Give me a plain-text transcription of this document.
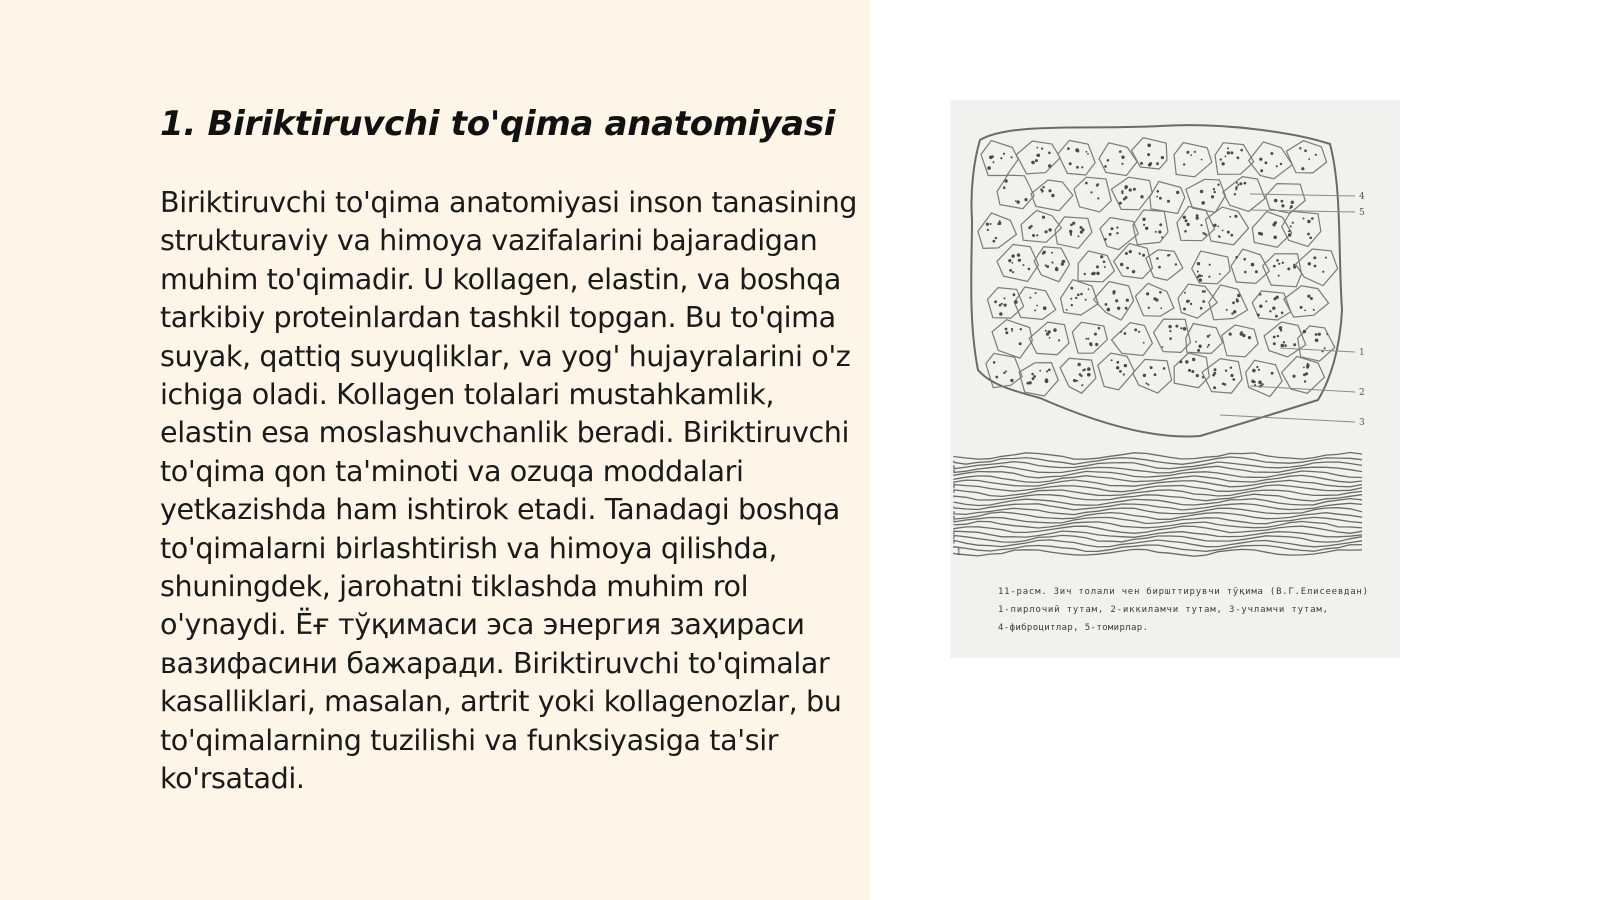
1. Biriktiruvchi to'qima anatomiyasi

Biriktiruvchi to'qima anatomiyasi inson tanasining strukturaviy va himoya vazifalarini bajaradigan muhim to'qimadir. U kollagen, elastin, va boshqa tarkibiy proteinlardan tashkil topgan. Bu to'qima suyak, qattiq suyuqliklar, va yog' hujayralarini o'z ichiga oladi. Kollagen tolalari mustahkamlik, elastin esa moslashuvchanlik beradi. Biriktiruvchi to'qima qon ta'minoti va ozuqa moddalari yetkazishda ham ishtirok etadi. Tanadagi boshqa to'qimalarni birlashtirish va himoya qilishda, shuningdek, jarohatni tiklashda muhim rol o'ynaydi. Ёғ тўқимаси эса энергия заҳираси вазифасини бажаради. Biriktiruvchi to'qimalar kasalliklari, masalan, artrit yoki kollagenozlar, bu to'qimalarning tuzilishi va funksiyasiga ta'sir ko'rsatadi.

4
5
1
2
3
1
11-расм. Зич толали чен биршттирувчи тўқима (В.Г.Елисеевдан)
1-пирлочий тутам, 2-иккиламчи тутам, 3-учламчи тутам,
4-фиброцитлар, 5-томирлар.
